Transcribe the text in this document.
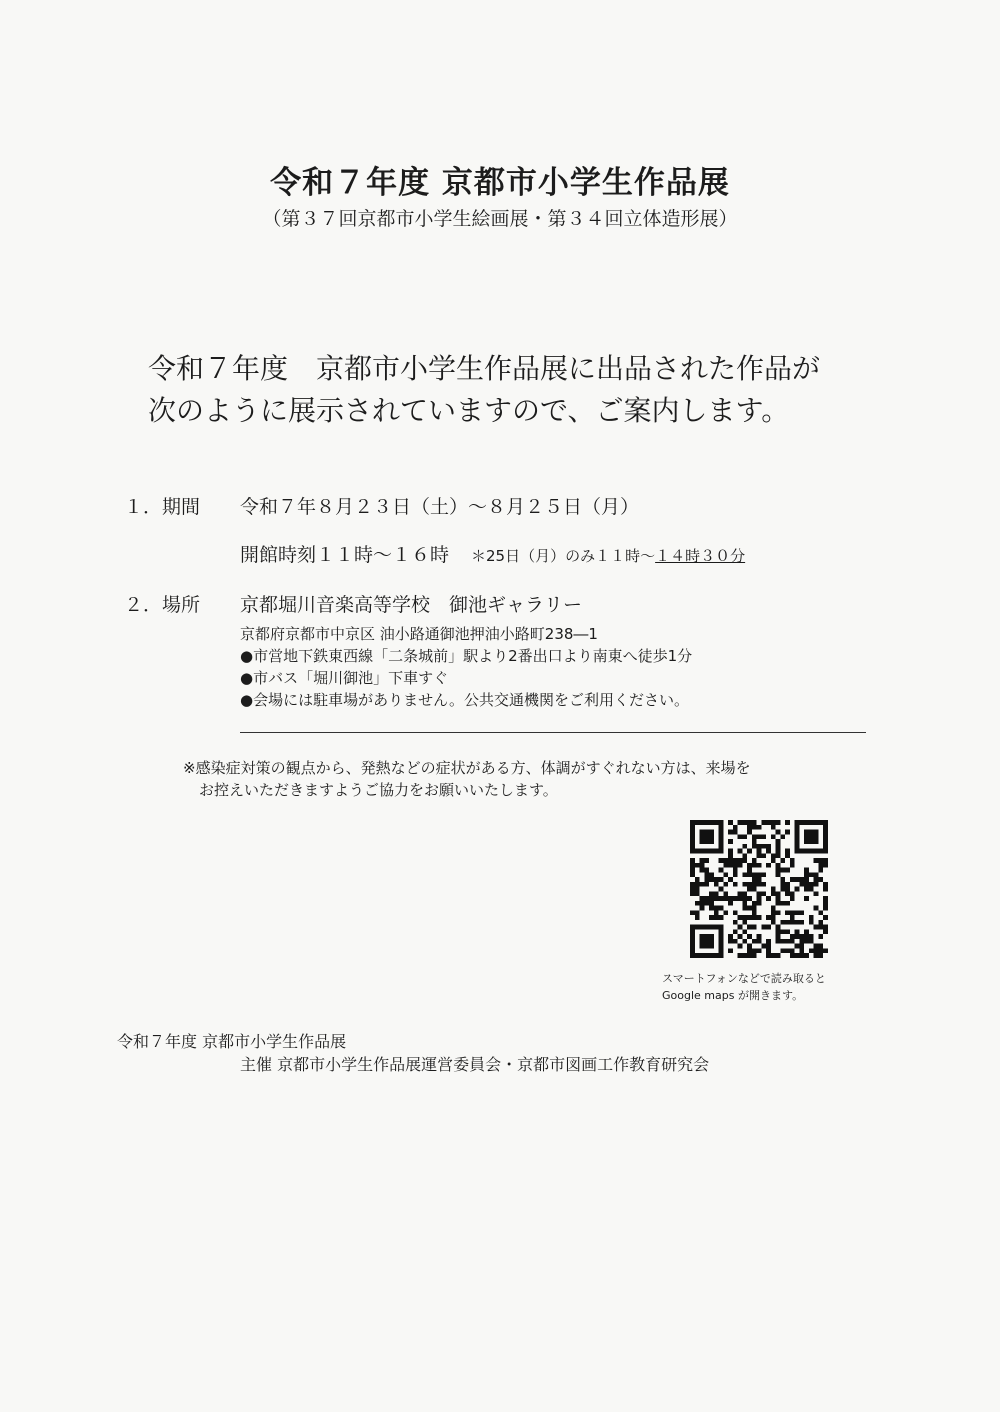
令和７年度 京都市小学生作品展
（第３７回京都市小学生絵画展・第３４回立体造形展）
令和７年度　京都市小学生作品展に出品された作品が
次のように展示されていますので、ご案内します。
１．期間 令和７年８月２３日（土）～８月２５日（月）
開館時刻１１時～１６時 ＊25日（月）のみ１１時～１４時３０分
２．場所 京都堀川音楽高等学校　御池ギャラリー
京都府京都市中京区 油小路通御池押油小路町238―1
●市営地下鉄東西線「二条城前」駅より2番出口より南東へ徒歩1分
●市バス「堀川御池」下車すぐ
●会場には駐車場がありません。公共交通機関をご利用ください。
※感染症対策の観点から、発熱などの症状がある方、体調がすぐれない方は、来場を
お控えいただきますようご協力をお願いいたします。
スマートフォンなどで読み取ると
Google maps が開きます。
令和７年度 京都市小学生作品展
主催 京都市小学生作品展運営委員会・京都市図画工作教育研究会
